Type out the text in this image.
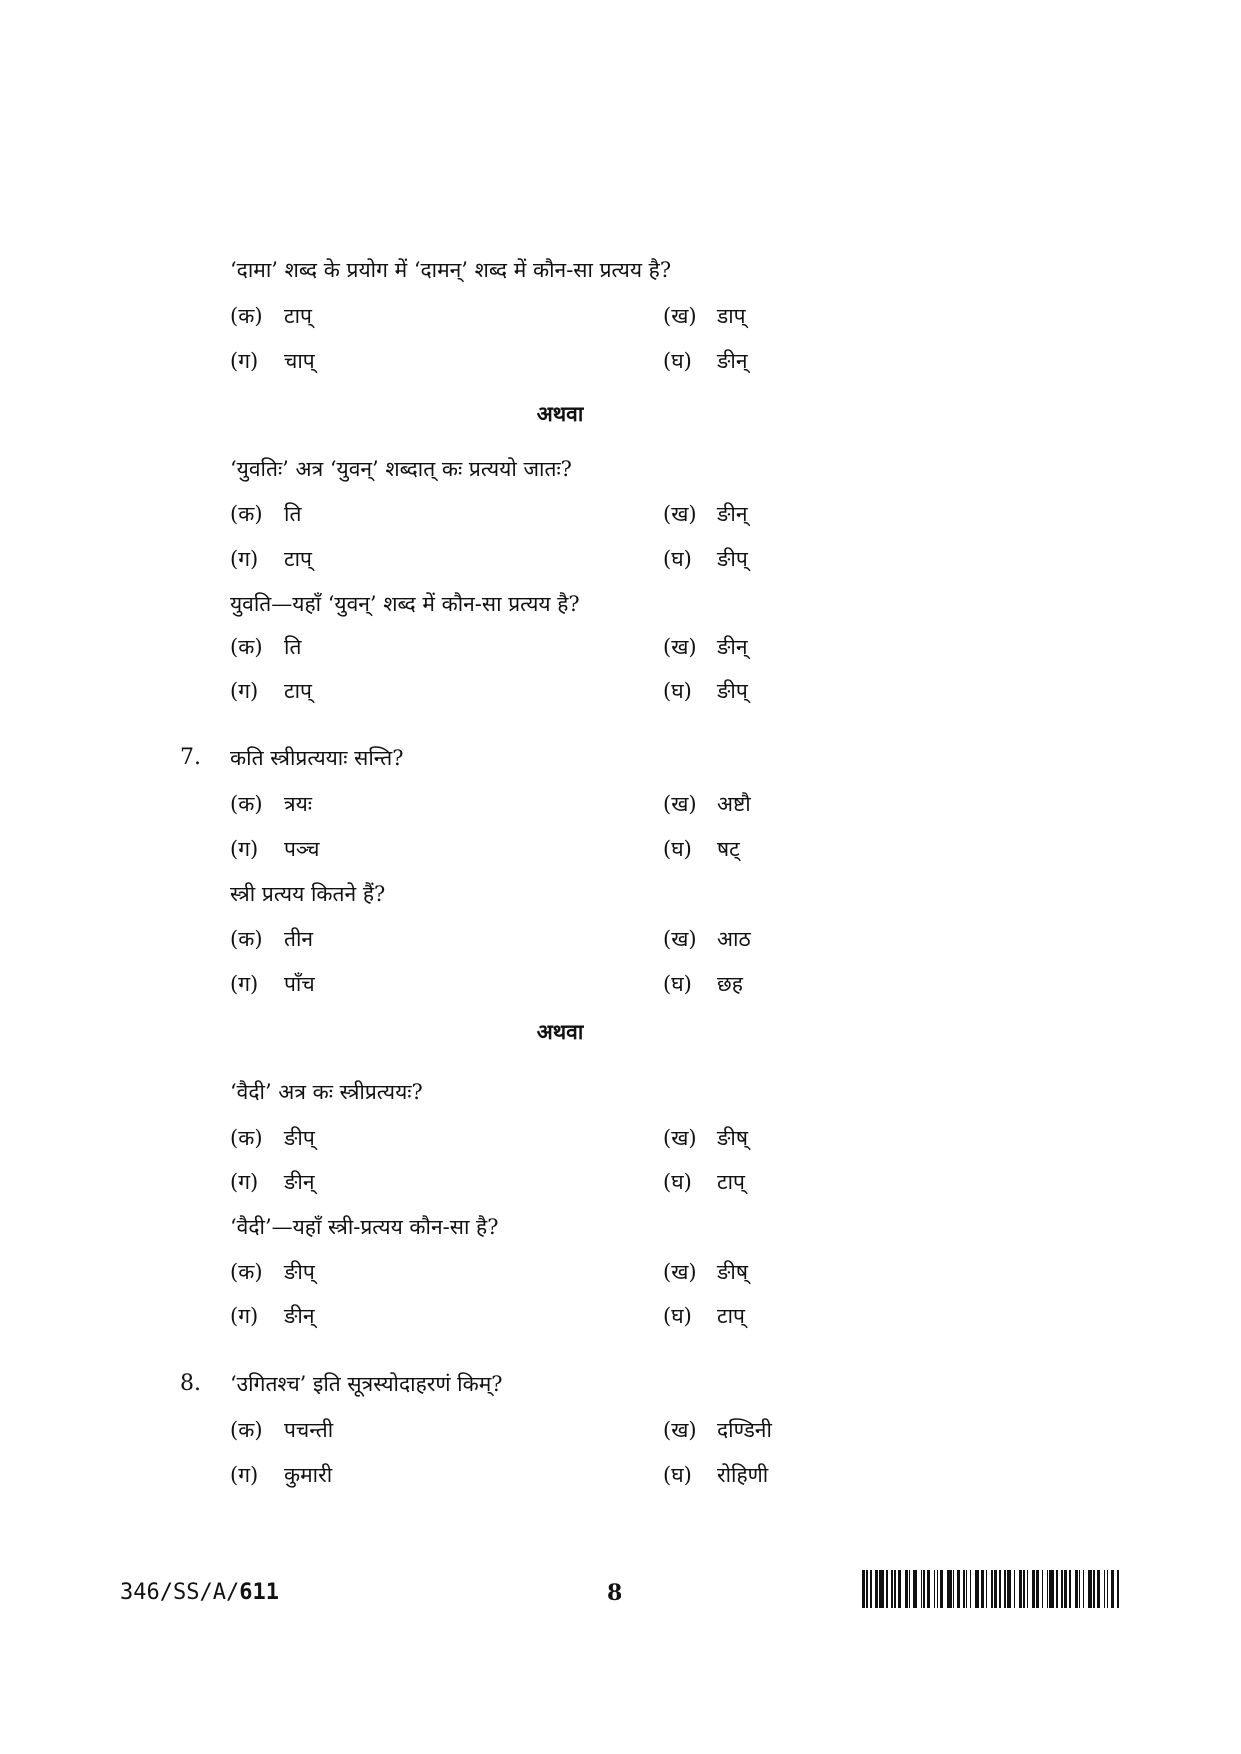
‘दामा’ शब्द के प्रयोग में ‘दामन्’ शब्द में कौन-सा प्रत्यय है?
(क) टाप्	(ख) डाप्
(ग) चाप्	(घ) ङीन्
अथवा
‘युवतिः’ अत्र ‘युवन्’ शब्दात् कः प्रत्ययो जातः?
(क) ति	(ख) ङीन्
(ग) टाप्	(घ) ङीप्
युवति—यहाँ ‘युवन्’ शब्द में कौन-सा प्रत्यय है?
(क) ति	(ख) ङीन्
(ग) टाप्	(घ) ङीप्
7. कति स्त्रीप्रत्ययाः सन्ति?
(क) त्रयः	(ख) अष्टौ
(ग) पञ्च	(घ) षट्
स्त्री प्रत्यय कितने हैं?
(क) तीन	(ख) आठ
(ग) पाँच	(घ) छह
अथवा
‘वैदी’ अत्र कः स्त्रीप्रत्ययः?
(क) ङीप्	(ख) ङीष्
(ग) ङीन्	(घ) टाप्
‘वैदी’—यहाँ स्त्री-प्रत्यय कौन-सा है?
(क) ङीप्	(ख) ङीष्
(ग) ङीन्	(घ) टाप्
8. ‘उगितश्च’ इति सूत्रस्योदाहरणं किम्?
(क) पचन्ती	(ख) दण्डिनी
(ग) कुमारी	(घ) रोहिणी
346/SS/A/611	8
